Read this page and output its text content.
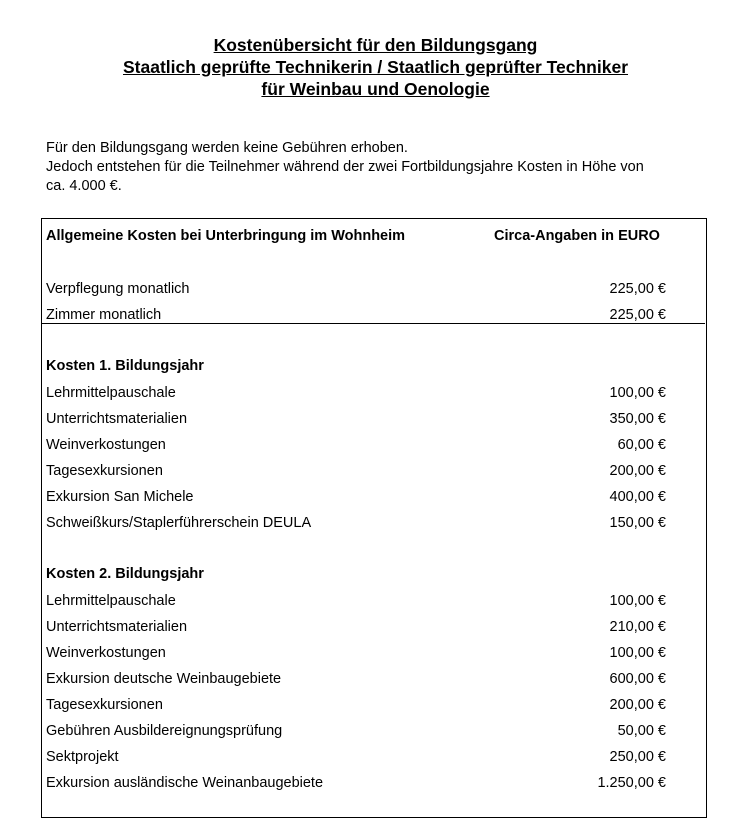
Kostenübersicht für den Bildungsgang
Staatlich geprüfte Technikerin / Staatlich geprüfter Techniker
für Weinbau und Oenologie
Für den Bildungsgang werden keine Gebühren erhoben.
Jedoch entstehen für die Teilnehmer während der zwei Fortbildungsjahre Kosten in Höhe von
ca. 4.000 €.
Allgemeine Kosten bei Unterbringung im Wohnheim	Circa-Angaben in EURO
Verpflegung monatlich	225,00 €
Zimmer monatlich	225,00 €
Kosten 1. Bildungsjahr
Lehrmittelpauschale	100,00 €
Unterrichtsmaterialien	350,00 €
Weinverkostungen	60,00 €
Tagesexkursionen	200,00 €
Exkursion San Michele	400,00 €
Schweißkurs/Staplerführerschein DEULA	150,00 €
Kosten 2. Bildungsjahr
Lehrmittelpauschale	100,00 €
Unterrichtsmaterialien	210,00 €
Weinverkostungen	100,00 €
Exkursion deutsche Weinbaugebiete	600,00 €
Tagesexkursionen	200,00 €
Gebühren Ausbildereignungsprüfung	50,00 €
Sektprojekt	250,00 €
Exkursion ausländische Weinanbaugebiete	1.250,00 €
